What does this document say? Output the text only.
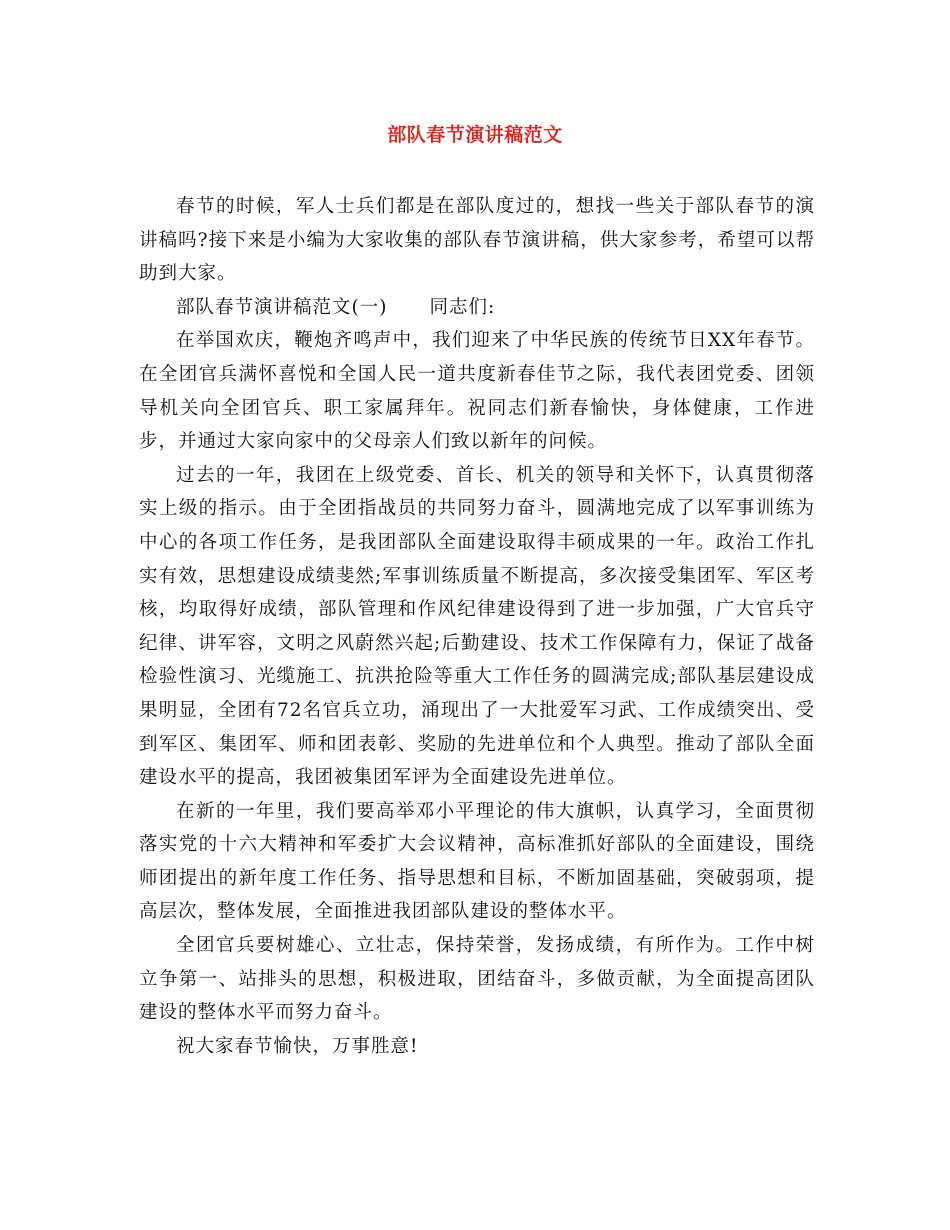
部队春节演讲稿范文

春节的时候，军人士兵们都是在部队度过的，想找一些关于部队春节的演讲稿吗?接下来是小编为大家收集的部队春节演讲稿，供大家参考，希望可以帮助到大家。

部队春节演讲稿范文(一) 同志们:

在举国欢庆，鞭炮齐鸣声中，我们迎来了中华民族的传统节日XX年春节。在全团官兵满怀喜悦和全国人民一道共度新春佳节之际，我代表团党委、团领导机关向全团官兵、职工家属拜年。祝同志们新春愉快，身体健康，工作进步，并通过大家向家中的父母亲人们致以新年的问候。

过去的一年，我团在上级党委、首长、机关的领导和关怀下，认真贯彻落实上级的指示。由于全团指战员的共同努力奋斗，圆满地完成了以军事训练为中心的各项工作任务，是我团部队全面建设取得丰硕成果的一年。政治工作扎实有效，思想建设成绩斐然;军事训练质量不断提高，多次接受集团军、军区考核，均取得好成绩，部队管理和作风纪律建设得到了进一步加强，广大官兵守纪律、讲军容，文明之风蔚然兴起;后勤建设、技术工作保障有力，保证了战备检验性演习、光缆施工、抗洪抢险等重大工作任务的圆满完成;部队基层建设成果明显，全团有72名官兵立功，涌现出了一大批爱军习武、工作成绩突出、受到军区、集团军、师和团表彰、奖励的先进单位和个人典型。推动了部队全面建设水平的提高，我团被集团军评为全面建设先进单位。

在新的一年里，我们要高举邓小平理论的伟大旗帜，认真学习，全面贯彻落实党的十六大精神和军委扩大会议精神，高标准抓好部队的全面建设，围绕师团提出的新年度工作任务、指导思想和目标，不断加固基础，突破弱项，提高层次，整体发展，全面推进我团部队建设的整体水平。

全团官兵要树雄心、立壮志，保持荣誉，发扬成绩，有所作为。工作中树立争第一、站排头的思想，积极进取，团结奋斗，多做贡献，为全面提高团队建设的整体水平而努力奋斗。

祝大家春节愉快，万事胜意!
